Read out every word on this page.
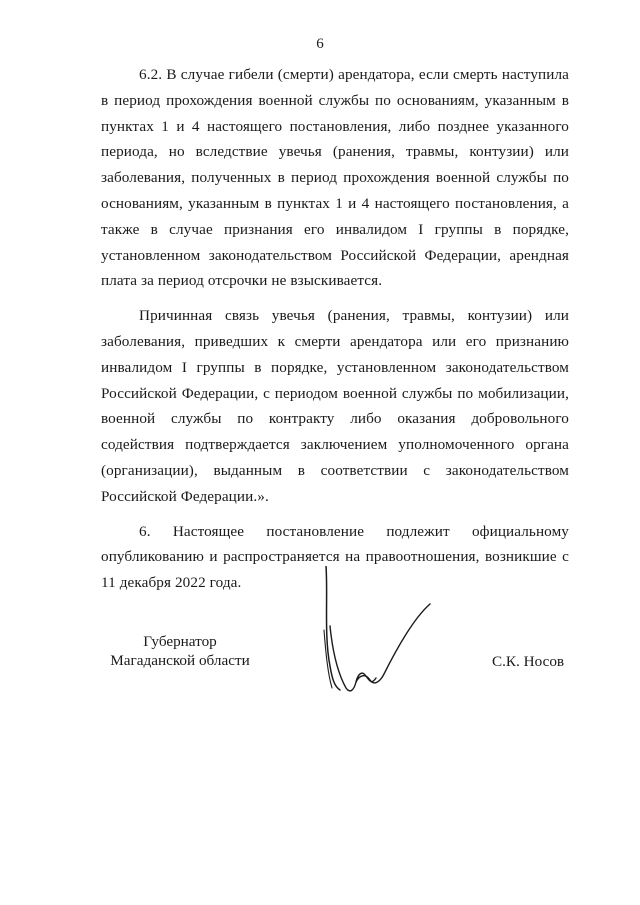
6

6.2. В случае гибели (смерти) арендатора, если смерть наступила в период прохождения военной службы по основаниям, указанным в пунктах 1 и 4 настоящего постановления, либо позднее указанного периода, но вследствие увечья (ранения, травмы, контузии) или заболевания, полученных в период прохождения военной службы по основаниям, указанным в пунктах 1 и 4 настоящего постановления, а также в случае признания его инвалидом I группы в порядке, установленном законодательством Российской Федерации, арендная плата за период отсрочки не взыскивается.

Причинная связь увечья (ранения, травмы, контузии) или заболевания, приведших к смерти арендатора или его признанию инвалидом I группы в порядке, установленном законодательством Российской Федерации, с периодом военной службы по мобилизации, военной службы по контракту либо оказания добровольного содействия подтверждается заключением уполномоченного органа (организации), выданным в соответствии с законодательством Российской Федерации.».

6. Настоящее постановление подлежит официальному опубликованию и распространяется на правоотношения, возникшие с 11 декабря 2022 года.

Губернатор
Магаданской области	С.К. Носов
